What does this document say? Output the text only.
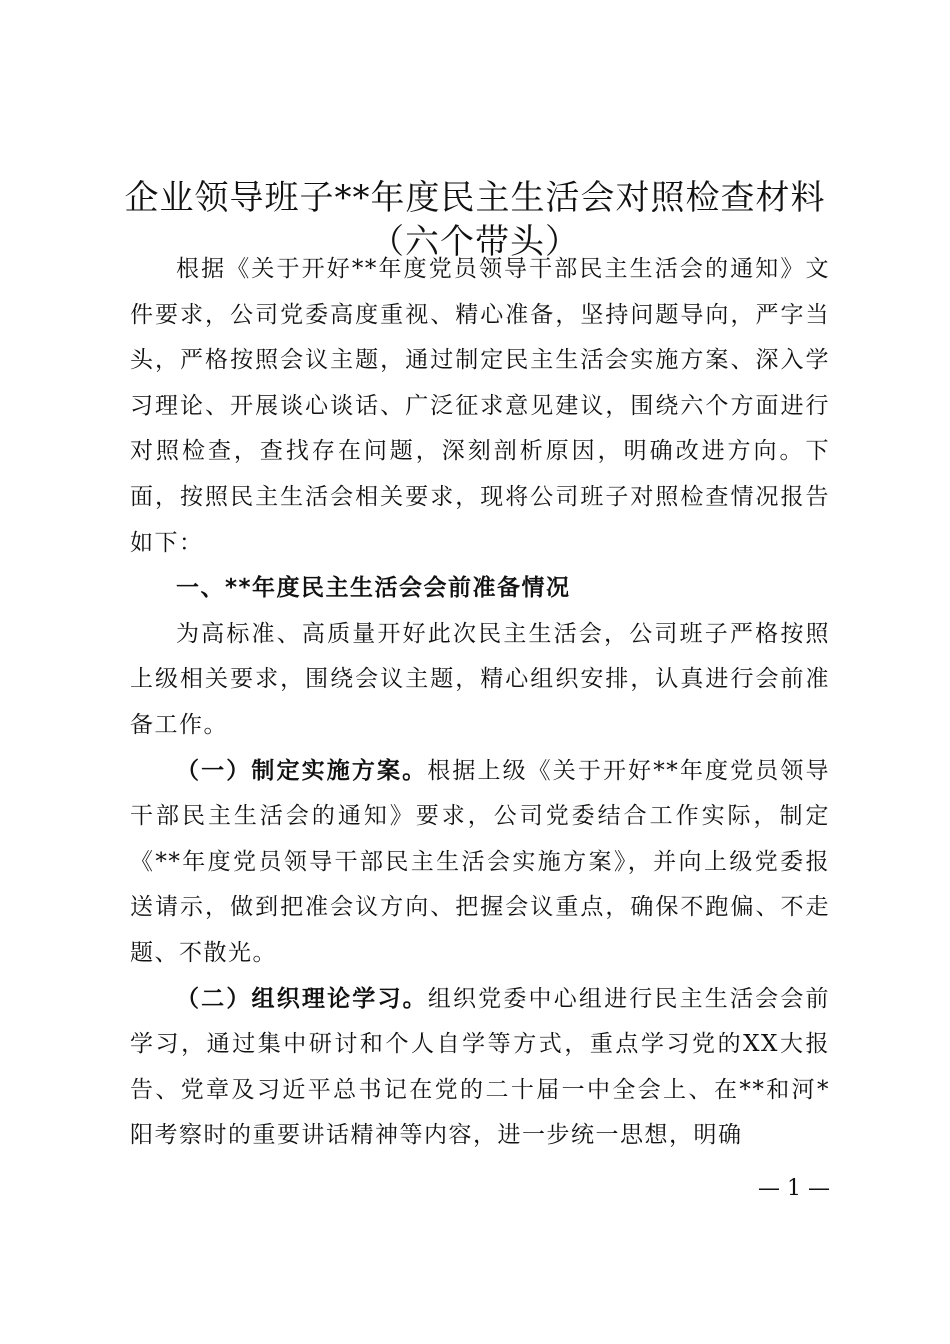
企业领导班子**年度民主生活会对照检查材料
（六个带头）

根据《关于开好**年度党员领导干部民主生活会的通知》文件要求，公司党委高度重视、精心准备，坚持问题导向，严字当头，严格按照会议主题，通过制定民主生活会实施方案、深入学习理论、开展谈心谈话、广泛征求意见建议，围绕六个方面进行对照检查，查找存在问题，深刻剖析原因，明确改进方向。下面，按照民主生活会相关要求，现将公司班子对照检查情况报告如下：

一、**年度民主生活会会前准备情况

为高标准、高质量开好此次民主生活会，公司班子严格按照上级相关要求，围绕会议主题，精心组织安排，认真进行会前准备工作。

（一）制定实施方案。根据上级《关于开好**年度党员领导干部民主生活会的通知》要求，公司党委结合工作实际，制定《**年度党员领导干部民主生活会实施方案》，并向上级党委报送请示，做到把准会议方向、把握会议重点，确保不跑偏、不走题、不散光。

（二）组织理论学习。组织党委中心组进行民主生活会会前学习，通过集中研讨和个人自学等方式，重点学习党的XX大报告、党章及习近平总书记在党的二十届一中全会上、在**和河*阳考察时的重要讲话精神等内容，进一步统一思想，明确

— 1 —
